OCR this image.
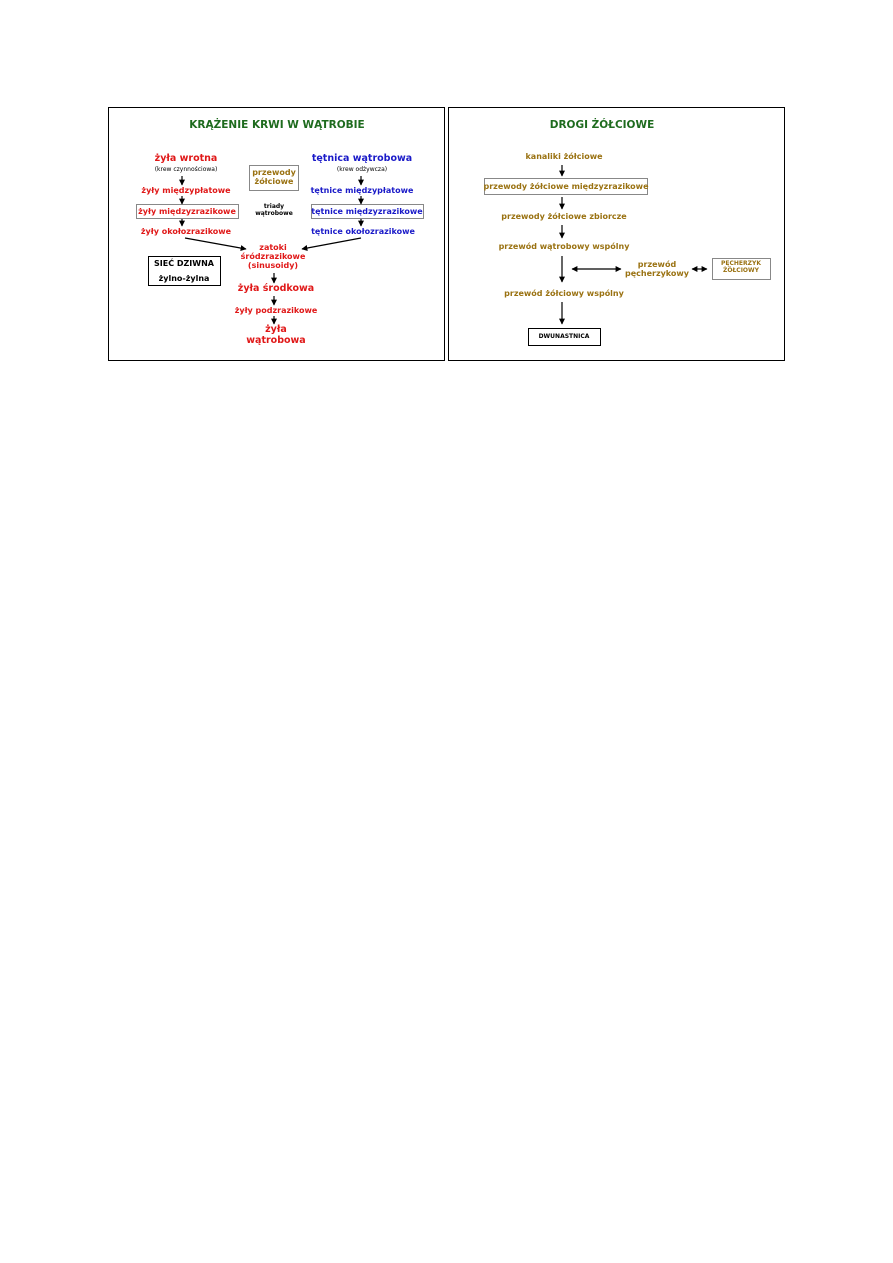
KRĄŻENIE KRWI W WĄTROBIE
żyła wrotna
(krew czynnościowa)
żyły międzypłatowe
żyły międzyzrazikowe
żyły okołozrazikowe
przewody
żółciowe
triady
wątrobowe
tętnica wątrobowa
(krew odżywcza)
tętnice międzypłatowe
tętnice międzyzrazikowe
tętnice okołozrazikowe
zatoki
śródzrazikowe
(sinusoidy)
żyła środkowa
żyły podzrazikowe
żyła
wątrobowa
SIEĆ DZIWNA
żylno-żylna
DROGI ŻÓŁCIOWE
kanaliki żółciowe
przewody żółciowe międzyzrazikowe
przewody żółciowe zbiorcze
przewód wątrobowy wspólny
przewód
pęcherzykowy
PĘCHERZYK
ŻÓŁCIOWY
przewód żółciowy wspólny
DWUNASTNICA
